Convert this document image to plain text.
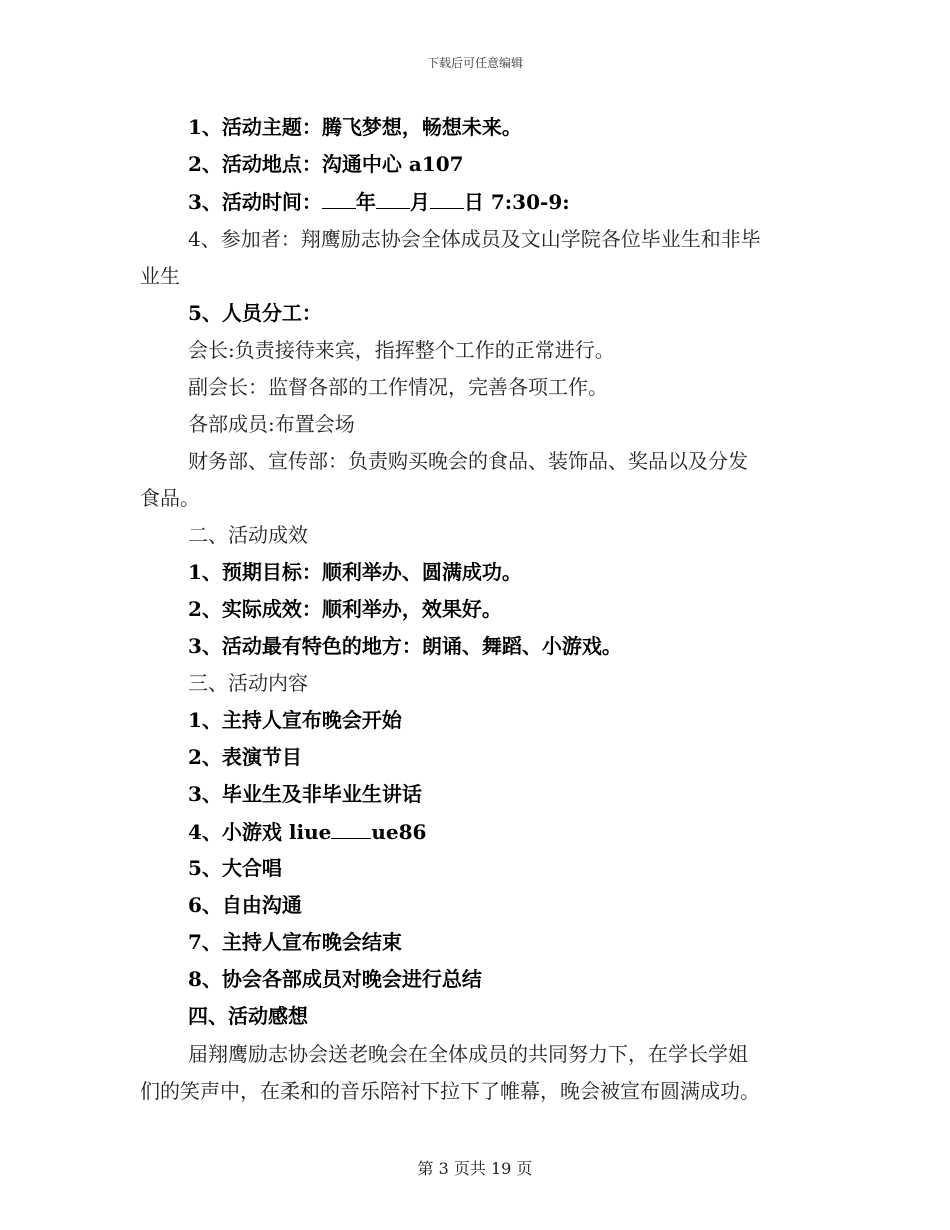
下载后可任意编辑
1、活动主题：腾飞梦想，畅想未来。
2、活动地点：沟通中心 a107
3、活动时间： 年 月 日 7:30-9:
4、参加者：翔鹰励志协会全体成员及文山学院各位毕业生和非毕
业生
5、人员分工：
会长:负责接待来宾，指挥整个工作的正常进行。
副会长：监督各部的工作情况，完善各项工作。
各部成员:布置会场
财务部、宣传部：负责购买晚会的食品、装饰品、奖品以及分发
食品。
二、活动成效
1、预期目标：顺利举办、圆满成功。
2、实际成效：顺利举办，效果好。
3、活动最有特色的地方：朗诵、舞蹈、小游戏。
三、活动内容
1、主持人宣布晚会开始
2、表演节目
3、毕业生及非毕业生讲话
4、小游戏 liue ue86
5、大合唱
6、自由沟通
7、主持人宣布晚会结束
8、协会各部成员对晚会进行总结
四、活动感想
届翔鹰励志协会送老晚会在全体成员的共同努力下，在学长学姐
们的笑声中，在柔和的音乐陪衬下拉下了帷幕，晚会被宣布圆满成功。
第 3 页共 19 页
